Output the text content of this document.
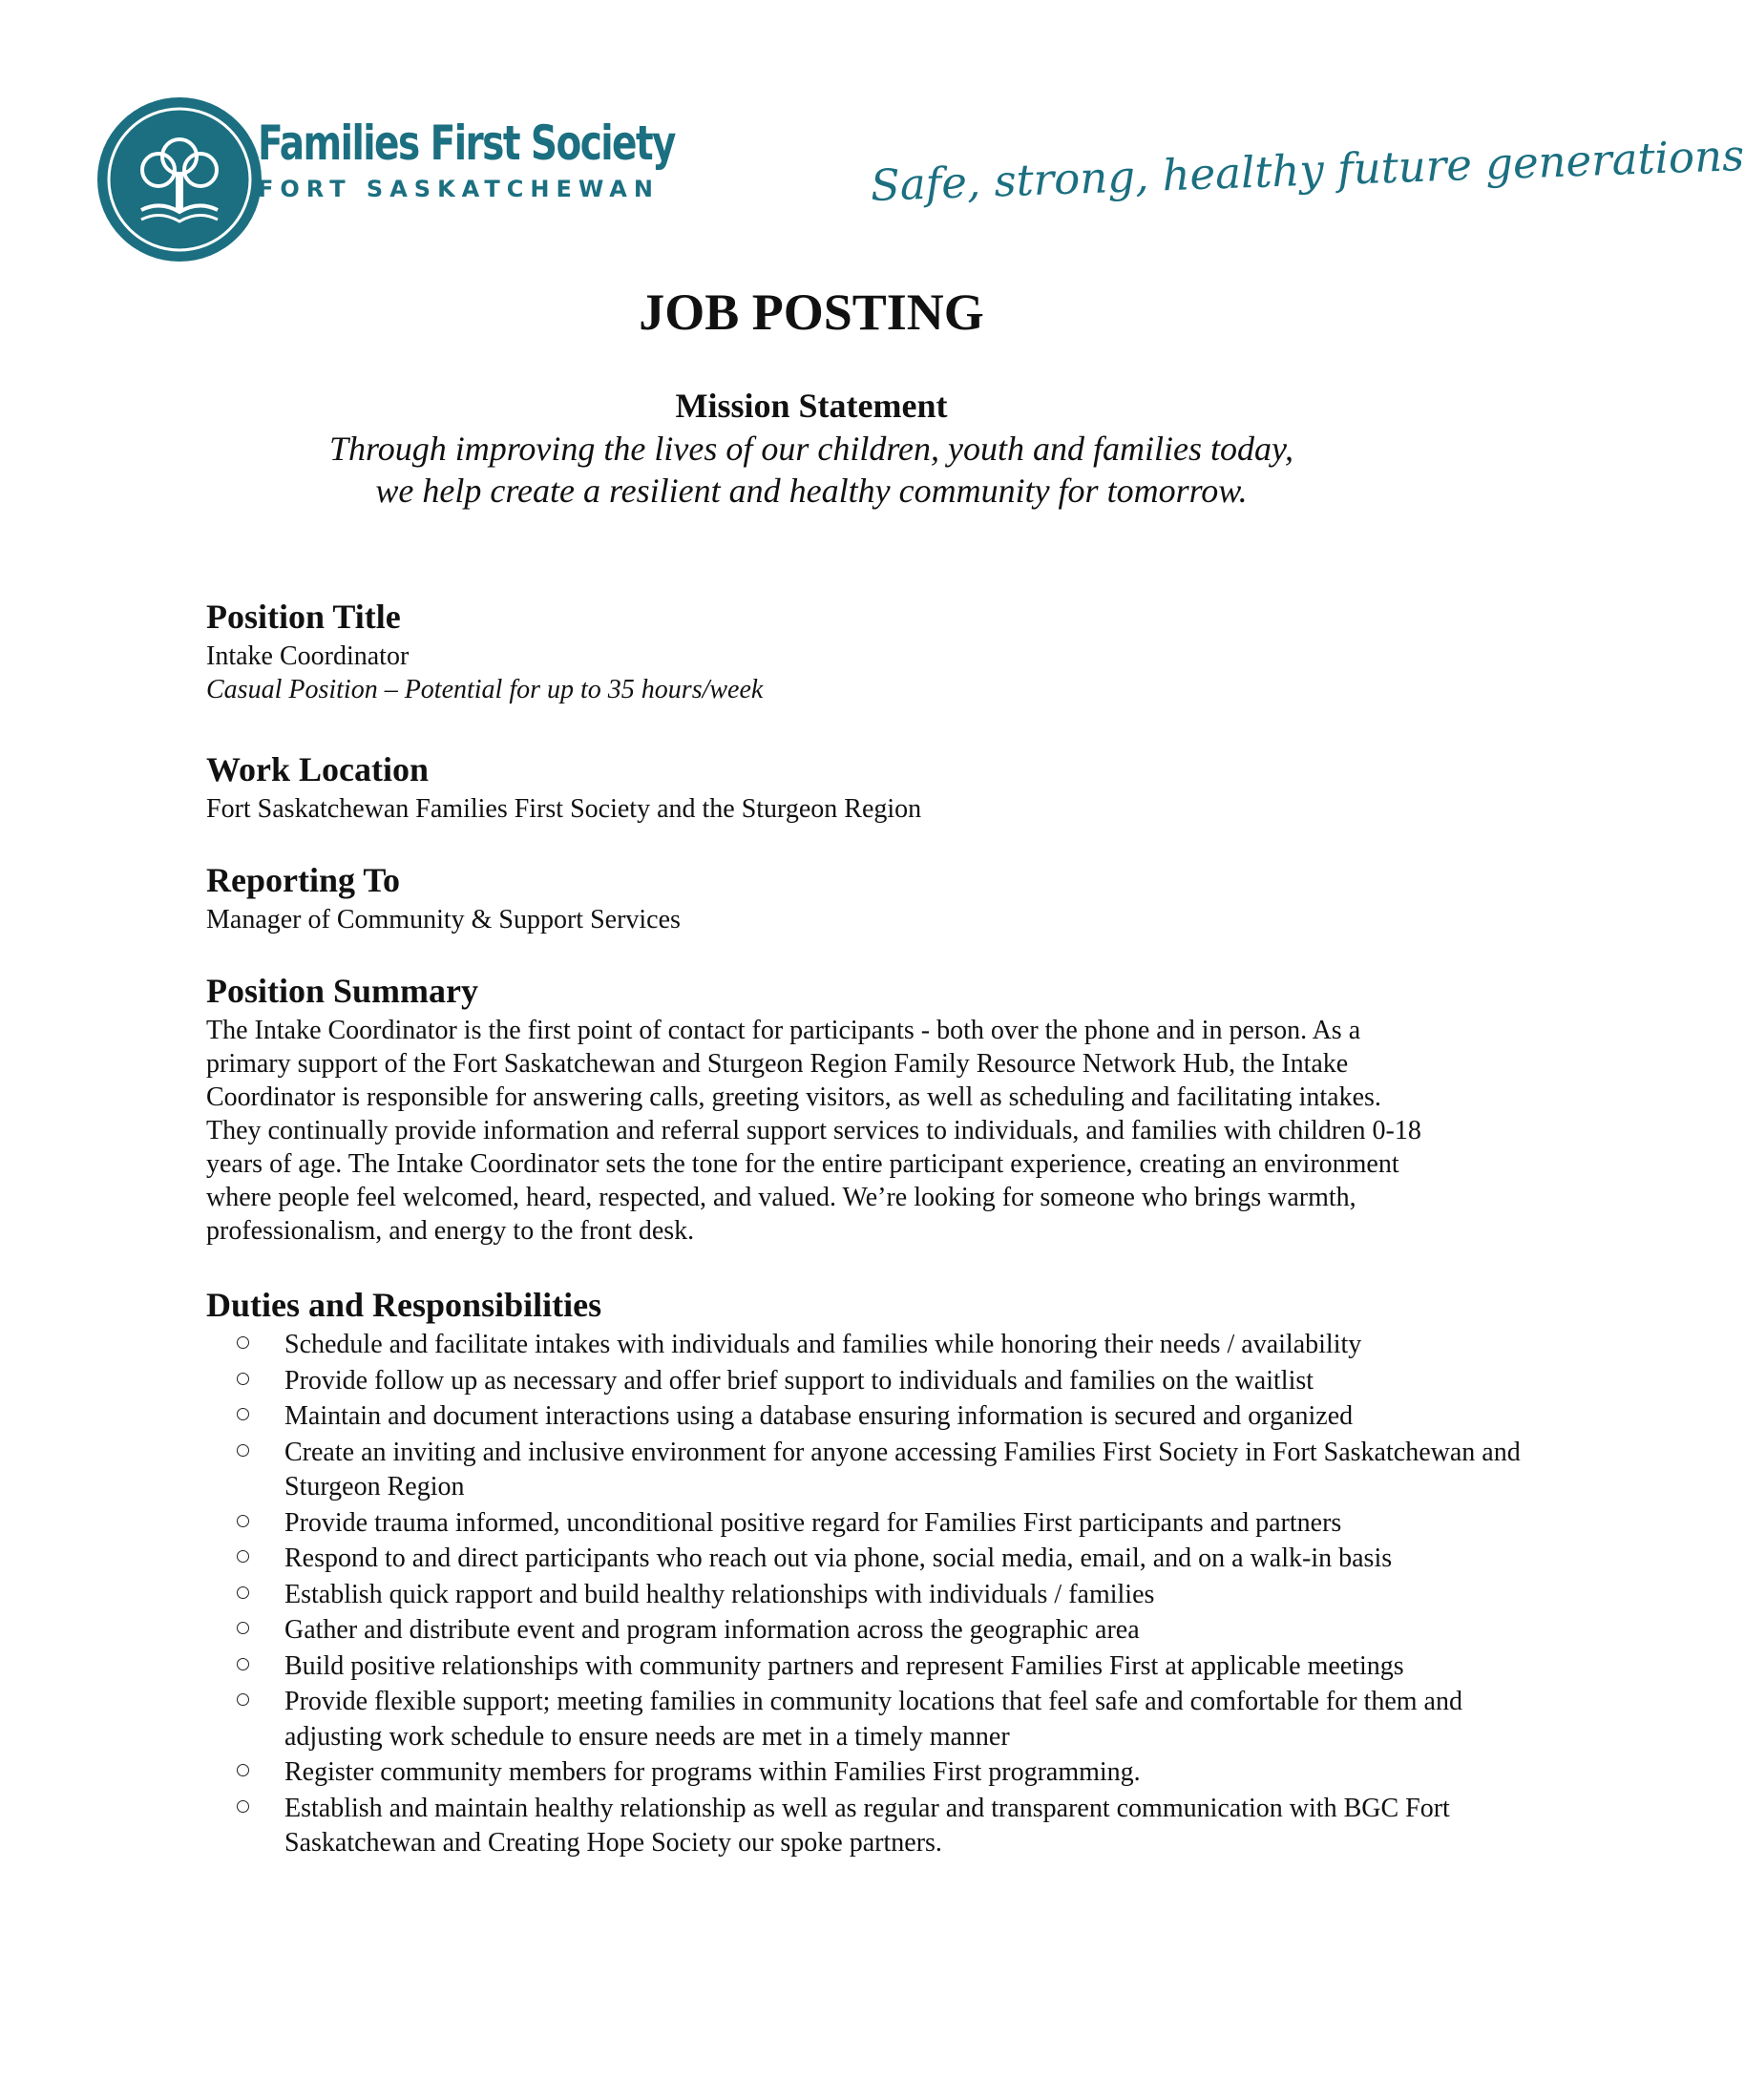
Families First Society
FORT SASKATCHEWAN	Safe, strong, healthy future generations
JOB POSTING
Mission Statement
Through improving the lives of our children, youth and families today,
we help create a resilient and healthy community for tomorrow.
Position Title
Intake Coordinator
Casual Position – Potential for up to 35 hours/week
Work Location
Fort Saskatchewan Families First Society and the Sturgeon Region
Reporting To
Manager of Community & Support Services
Position Summary
The Intake Coordinator is the first point of contact for participants - both over the phone and in person. As a primary support of the Fort Saskatchewan and Sturgeon Region Family Resource Network Hub, the Intake Coordinator is responsible for answering calls, greeting visitors, as well as scheduling and facilitating intakes. They continually provide information and referral support services to individuals, and families with children 0-18 years of age. The Intake Coordinator sets the tone for the entire participant experience, creating an environment where people feel welcomed, heard, respected, and valued. We’re looking for someone who brings warmth, professionalism, and energy to the front desk.
Duties and Responsibilities
Schedule and facilitate intakes with individuals and families while honoring their needs / availability
Provide follow up as necessary and offer brief support to individuals and families on the waitlist
Maintain and document interactions using a database ensuring information is secured and organized
Create an inviting and inclusive environment for anyone accessing Families First Society in Fort Saskatchewan and Sturgeon Region
Provide trauma informed, unconditional positive regard for Families First participants and partners
Respond to and direct participants who reach out via phone, social media, email, and on a walk-in basis
Establish quick rapport and build healthy relationships with individuals / families
Gather and distribute event and program information across the geographic area
Build positive relationships with community partners and represent Families First at applicable meetings
Provide flexible support; meeting families in community locations that feel safe and comfortable for them and adjusting work schedule to ensure needs are met in a timely manner
Register community members for programs within Families First programming.
Establish and maintain healthy relationship as well as regular and transparent communication with BGC Fort Saskatchewan and Creating Hope Society our spoke partners.
